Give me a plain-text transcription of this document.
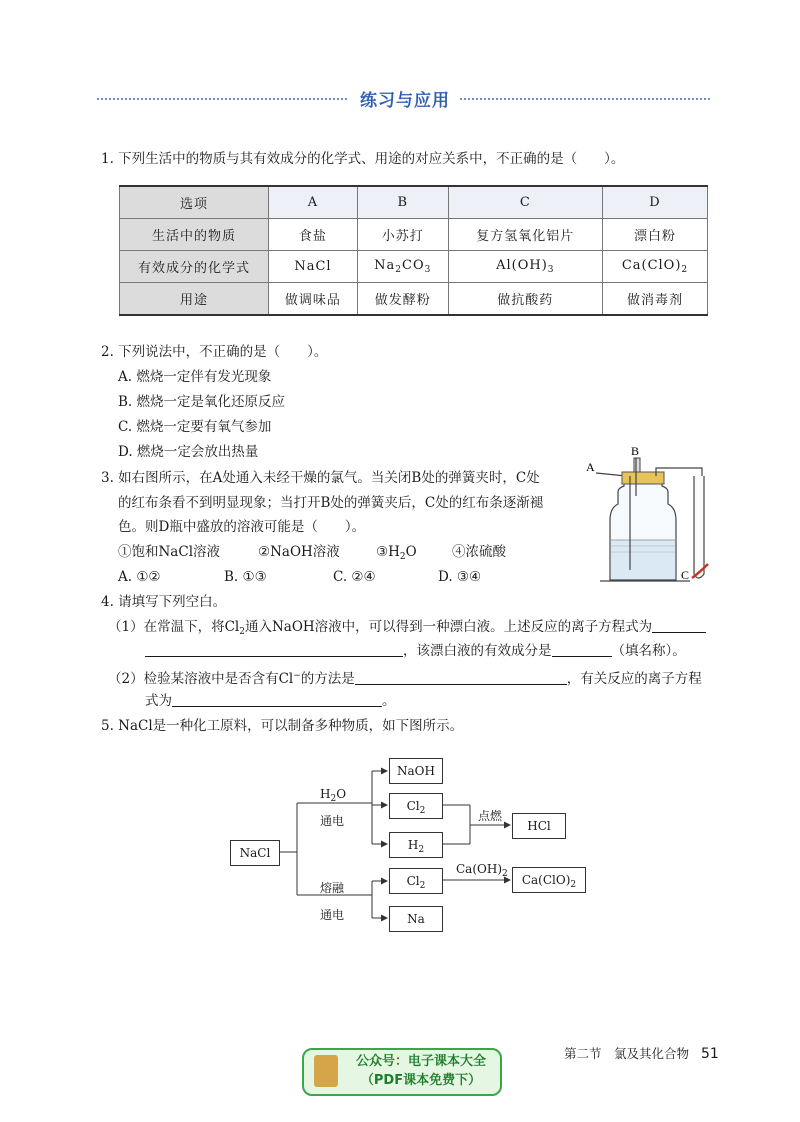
练习与应用
1. 下列生活中的物质与其有效成分的化学式、用途的对应关系中，不正确的是（　　）。
选项	A	B	C	D
生活中的物质	食盐	小苏打	复方氢氧化铝片	漂白粉
有效成分的化学式	NaCl	$Na_2CO_3$	$Al(OH)_3$	$Ca(ClO)_2$
用途	做调味品	做发酵粉	做抗酸药	做消毒剂
2. 下列说法中，不正确的是（　　）。
A. 燃烧一定伴有发光现象
B. 燃烧一定是氧化还原反应
C. 燃烧一定要有氧气参加
D. 燃烧一定会放出热量
3. 如右图所示，在A处通入未经干燥的氯气。当关闭B处的弹簧夹时，C处
的红布条看不到明显现象；当打开B处的弹簧夹后，C处的红布条逐渐褪
色。则D瓶中盛放的溶液可能是（　　）。
①饱和NaCl溶液	②NaOH溶液	$③H_2O$	④浓硫酸
A. ①②	B. ①③	C. ②④	D. ③④
B
A
C
4. 请填写下列空白。
（1）在常温下，将$Cl_2$通入NaOH溶液中，可以得到一种漂白液。上述反应的离子方程式为
，该漂白液的有效成分是	（填名称）。
（2）检验某溶液中是否含有Cl−的方法是	，有关反应的离子方程
式为	。
5. NaCl是一种化工原料，可以制备多种物质，如下图所示。
NaCl
$H_2O$
通电
熔融
通电
NaOH
$Cl_2$
$H_2$
点燃
HCl
$Cl_2$
Na
$Ca(OH)_2$	$Ca(ClO)_2$
第二节　氯及其化合物 51
公众号：电子课本大全
（PDF课本免费下）
